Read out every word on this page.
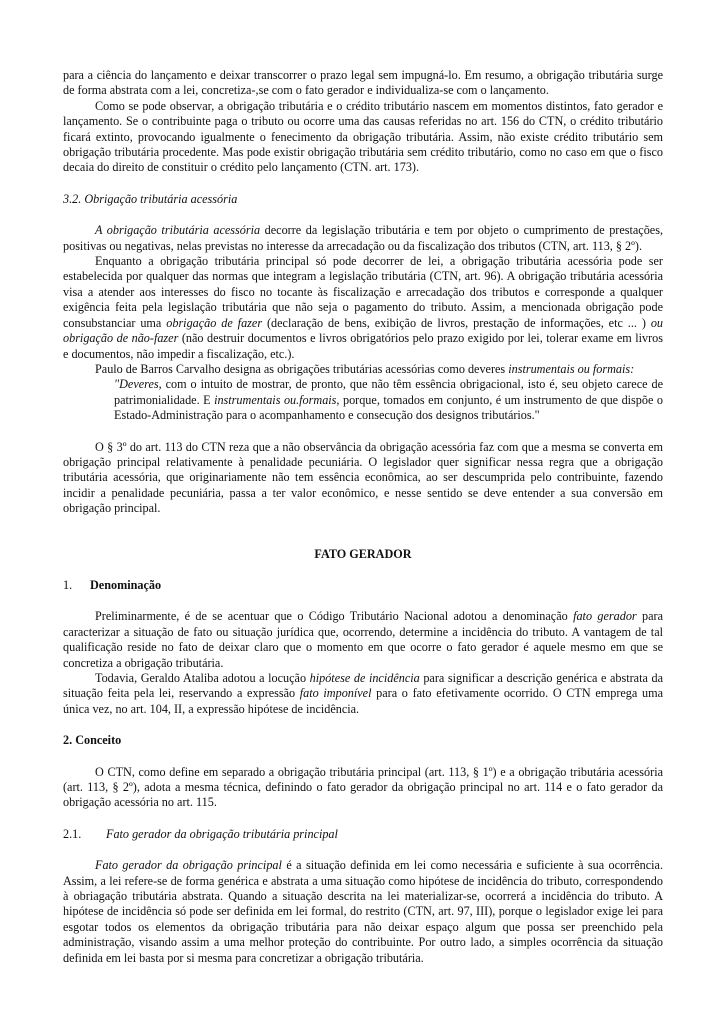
para a ciência do lançamento e deixar transcorrer o prazo legal sem impugná-lo. Em resumo, a obrigação tributária surge de forma abstrata com a lei, concretiza-,se com o fato gerador e individualiza-se com o lançamento.

Como se pode observar, a obrigação tributária e o crédito tributário nascem em momentos distintos, fato gerador e lançamento. Se o contribuinte paga o tributo ou ocorre uma das causas referidas no art. 156 do CTN, o crédito tributário ficará extinto, provocando igualmente o fenecimento da obrigação tributária. Assim, não existe crédito tributário sem obrigação tributária procedente. Mas pode existir obrigação tributária sem crédito tributário, como no caso em que o fisco decaia do direito de constituir o crédito pelo lançamento (CTN. art. 173).

3.2. Obrigação tributária acessória

A obrigação tributária acessória decorre da legislação tributária e tem por objeto o cumprimento de prestações, positivas ou negativas, nelas previstas no interesse da arrecadação ou da fiscalização dos tributos (CTN, art. 113, § 2º).

Enquanto a obrigação tributária principal só pode decorrer de lei, a obrigação tributária acessória pode ser estabelecida por qualquer das normas que integram a legislação tributária (CTN, art. 96). A obrigação tributária acessória visa a atender aos interesses do fisco no tocante às fiscalização e arrecadação dos tributos e corresponde a qualquer exigência feita pela legislação tributária que não seja o pagamento do tributo. Assim, a mencionada obrigação pode consubstanciar uma obrigação de fazer (declaração de bens, exibição de livros, prestação de informações, etc ... ) ou obrigação de não-fazer (não destruir documentos e livros obrigatórios pelo prazo exigido por lei, tolerar exame em livros e documentos, não impedir a fiscalização, etc.).

Paulo de Barros Carvalho designa as obrigações tributárias acessórias como deveres instrumentais ou formais:

"Deveres, com o intuito de mostrar, de pronto, que não têm essência obrigacional, isto é, seu objeto carece de patrimonialidade. E instrumentais ou.formais, porque, tomados em conjunto, é um instrumento de que dispõe o Estado-Administração para o acompanhamento e consecução dos designos tributários."

O § 3º do art. 113 do CTN reza que a não observância da obrigação acessória faz com que a mesma se converta em obrigação principal relativamente à penalidade pecuniária. O legislador quer significar nessa regra que a obrigação tributária acessória, que originariamente não tem essência econômica, ao ser descumprida pelo contribuinte, fazendo incidir a penalidade pecuniária, passa a ter valor econômico, e nesse sentido se deve entender a sua conversão em obrigação principal.

FATO GERADOR

1. Denominação

Preliminarmente, é de se acentuar que o Código Tributário Nacional adotou a denominação fato gerador para caracterizar a situação de fato ou situação jurídica que, ocorrendo, determine a incidência do tributo. A vantagem de tal qualificação reside no fato de deixar claro que o momento em que ocorre o fato gerador é aquele mesmo em que se concretiza a obrigação tributária.

Todavia, Geraldo Ataliba adotou a locução hipótese de incidência para significar a descrição genérica e abstrata da situação feita pela lei, reservando a expressão fato imponível para o fato efetivamente ocorrido. O CTN emprega uma única vez, no art. 104, II, a expressão hipótese de incidência.

2. Conceito

O CTN, como define em separado a obrigação tributária principal (art. 113, § 1º) e a obrigação tributária acessória (art. 113, § 2º), adota a mesma técnica, definindo o fato gerador da obrigação principal no art. 114 e o fato gerador da obrigação acessória no art. 115.

2.1. Fato gerador da obrigação tributária principal

Fato gerador da obrigação principal é a situação definida em lei como necessária e suficiente à sua ocorrência. Assim, a lei refere-se de forma genérica e abstrata a uma situação como hipótese de incidência do tributo, correspondendo à obriagação tributária abstrata. Quando a situação descrita na lei materializar-se, ocorrerá a incidência do tributo. A hipótese de incidência só pode ser definida em lei formal, do restrito (CTN, art. 97, III), porque o legislador exige lei para esgotar todos os elementos da obrigação tributária para não deixar espaço algum que possa ser preenchido pela administração, visando assim a uma melhor proteção do contribuinte. Por outro lado, a simples ocorrência da situação definida em lei basta por si mesma para concretizar a obrigação tributária.
